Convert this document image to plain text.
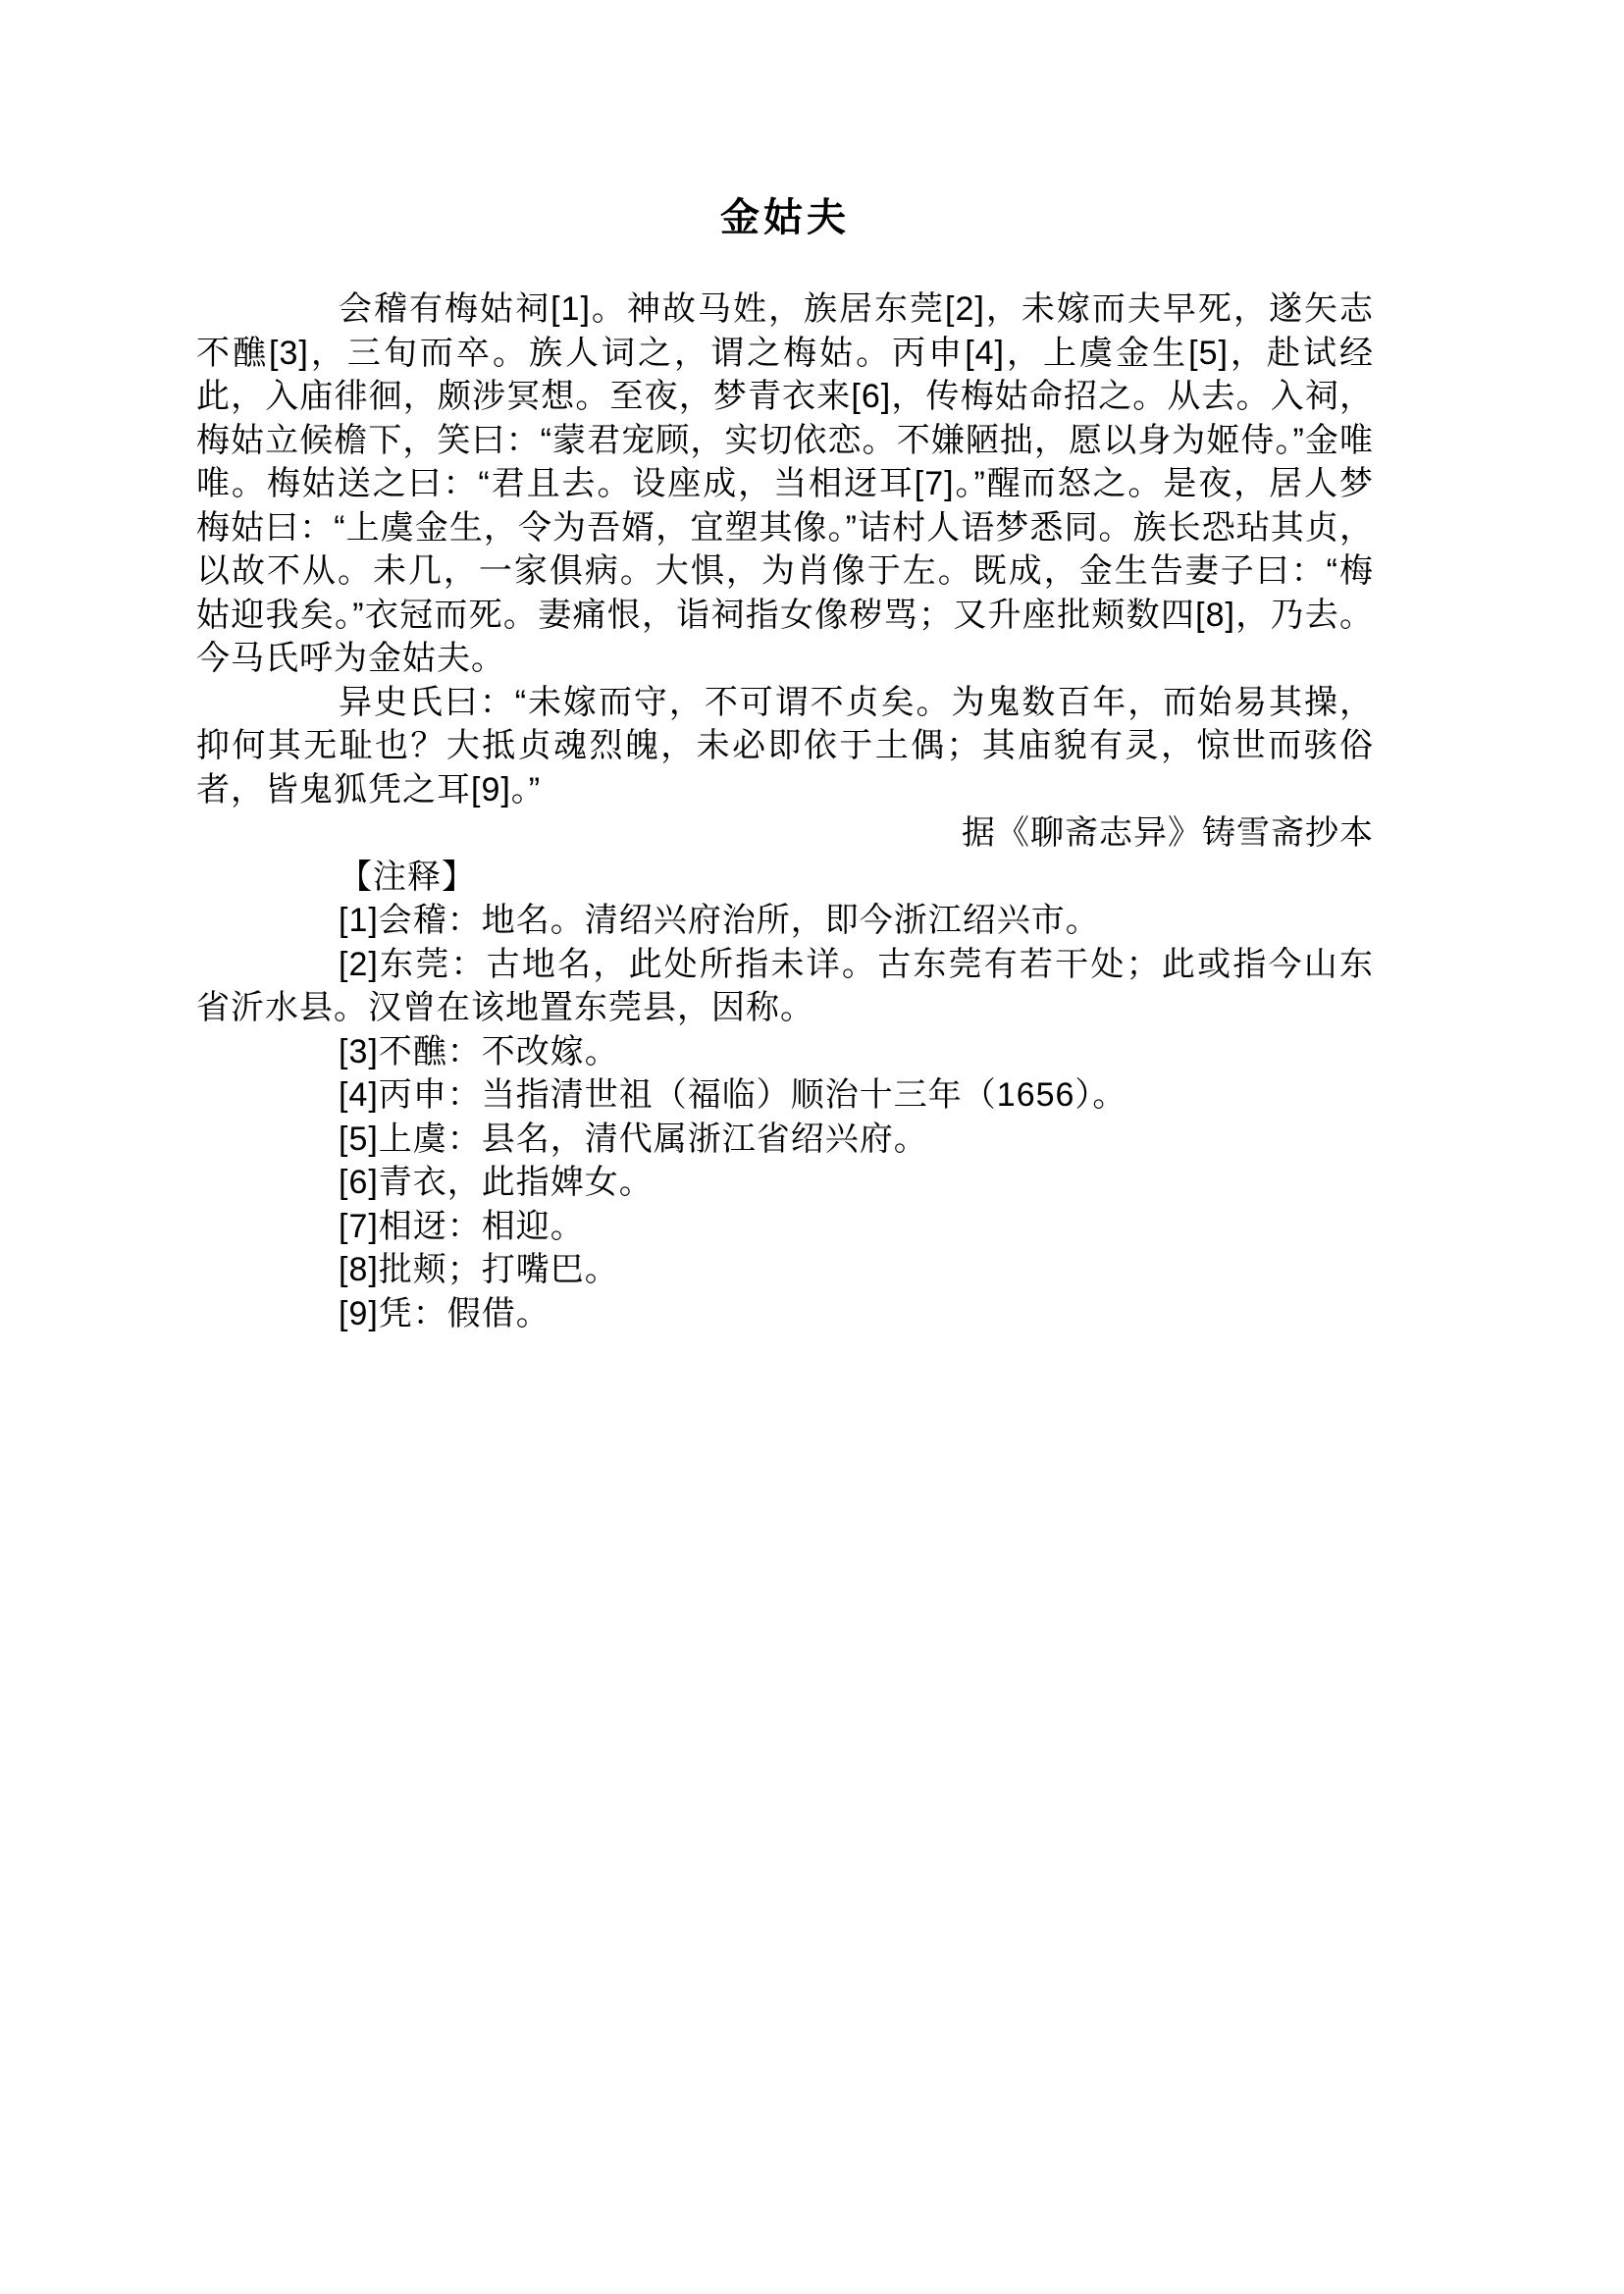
金姑夫

会稽有梅姑祠[1]。神故马姓，族居东莞[2]，未嫁而夫早死，遂矢志不醮[3]，三旬而卒。族人词之，谓之梅姑。丙申[4]，上虞金生[5]，赴试经此，入庙徘徊，颇涉冥想。至夜，梦青衣来[6]，传梅姑命招之。从去。入祠，梅姑立候檐下，笑曰：“蒙君宠顾，实切依恋。不嫌陋拙，愿以身为姬侍。”金唯唯。梅姑送之曰：“君且去。设座成，当相迓耳[7]。”醒而怒之。是夜，居人梦梅姑曰：“上虞金生，令为吾婿，宜塑其像。”诘村人语梦悉同。族长恐玷其贞，以故不从。未几，一家俱病。大惧，为肖像于左。既成，金生告妻子曰：“梅姑迎我矣。”衣冠而死。妻痛恨，诣祠指女像秽骂；又升座批颊数四[8]，乃去。今马氏呼为金姑夫。

异史氏曰：“未嫁而守，不可谓不贞矣。为鬼数百年，而始易其操，抑何其无耻也？大抵贞魂烈魄，未必即依于土偶；其庙貌有灵，惊世而骇俗者，皆鬼狐凭之耳[9]。”

据《聊斋志异》铸雪斋抄本

【注释】

[1]会稽：地名。清绍兴府治所，即今浙江绍兴市。

[2]东莞：古地名，此处所指未详。古东莞有若干处；此或指今山东省沂水县。汉曾在该地置东莞县，因称。

[3]不醮：不改嫁。

[4]丙申：当指清世祖（福临）顺治十三年（1656）。

[5]上虞：县名，清代属浙江省绍兴府。

[6]青衣，此指婢女。

[7]相迓：相迎。

[8]批颊；打嘴巴。

[9]凭：假借。
